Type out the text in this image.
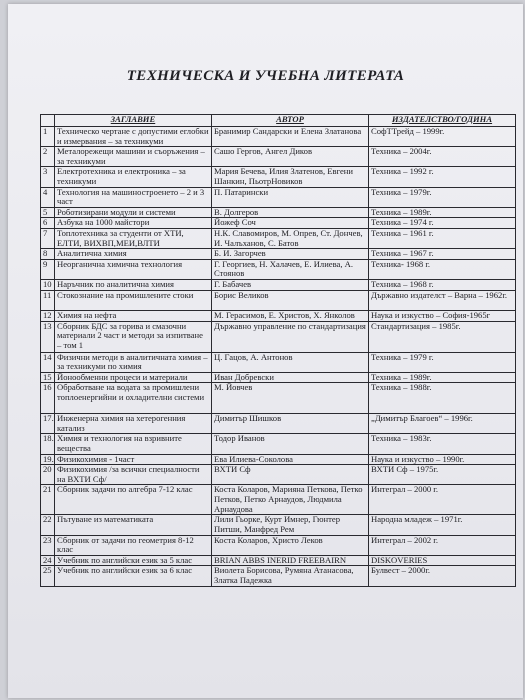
ТЕХНИЧЕСКА И УЧЕБНА ЛИТЕРАТА
	ЗАГЛАВИЕ	АВТОР	ИЗДАТЕЛСТВО/ГОДИНА
1	Техническо чертане с допустими еглобки и измервания – за техникуми	Бранимир Сандарски и Елена Златанова	СофТТрейд – 1999г.
2	Металорежещи машини и съоръжения – за техникуми	Сашо Гергов, Ангел Диков	Техника – 2004г.
3	Електротехника и електроника – за техникуми	Мария Бечева, Илия Златенов, Евгени Шанкин, ПьотрНовиков	Техника – 1992 г.
4	Технология на машиностроенето – 2 и 3 част	П. Патарински	Техника – 1979г.
5	Роботизирани модули и системи	В. Долгеров	Техника – 1989г.
6	Азбука на 1000 майстори	Йожеф Соч	Техника – 1974 г.
7	Топлотехника за студенти от ХТИ, ЕЛТИ, ВИХВП,МЕИ,ВЛТИ	Н.К. Славомиров, М. Опрев, Ст. Дончев, И. Чалъханов, С. Батов	Техника – 1961 г.
8	Аналитична химия	Б. И. Загорчев	Техника – 1967 г.
9	Неорганична химична технология	Г. Георгиев, Н. Халачев, Е. Илиева, А. Стоянов	Техника- 1968 г.
10	Наръчник по аналитична химия	Г. Бабачев	Техника – 1968 г.
11	Стокознание на промишлените стоки	Борис Великов	Държавно издателст – Варна – 1962г.
12	Химия на нефта	М. Герасимов, Е. Христов, Х. Янколов	Наука и изкуство – София-1965г
13	Сборник БДС за горива и смазочни материали 2 част и методи за изпитване – том 1	Държавно управление по стандартизация	Стандартизация – 1985г.
14	Физични методи в аналитичната химия – за техникуми по химия	Ц. Гацов, А. Антонов	Техника – 1979 г.
15	Йонообменни процеси и материали	Иван Добревски	Техника – 1989г.
16	Обработване на водата за промишлени топлоенергийни и охладителни системи	М. Йовчев	Техника – 1988г.
17.	Инженерна химия на хетерогенния катализ	Димитър Шишков	„Димитър Благоев“ – 1996г.
18.	Химия и технология на взривните вещества	Тодор Иванов	Техника – 1983г.
19.	Физикохимия - 1част	Ева Илиева-Соколова	Наука и изкуство – 1990г.
20	Физикохимия /за всички специалности на ВХТИ Сф/	ВХТИ Сф	ВХТИ Сф – 1975г.
21	Сборник задачи по алгебра 7-12 клас	Коста Коларов, Марияна Петкова, Петко Петков, Петко Арнаудов, Людмила Арнаудова	Интеграл – 2000 г.
22	Пътуване из математиката	Лили Гьорке, Курт Имнер, Гюнтер Питши, Манфред Рем	Народна младеж – 1971г.
23	Сборник от задачи по геометрия 8-12 клас	Коста Коларов, Христо Леков	Интеграл – 2002 г.
24	Учебник по английски език за 5 клас	BRIAN ABBS INERID FREEBAIRN	DISKOVERIES
25	Учебник по английски език за 6 клас	Виолета Борисова, Румяна Атанасова, Златка Падежка	Булвест – 2000г.
